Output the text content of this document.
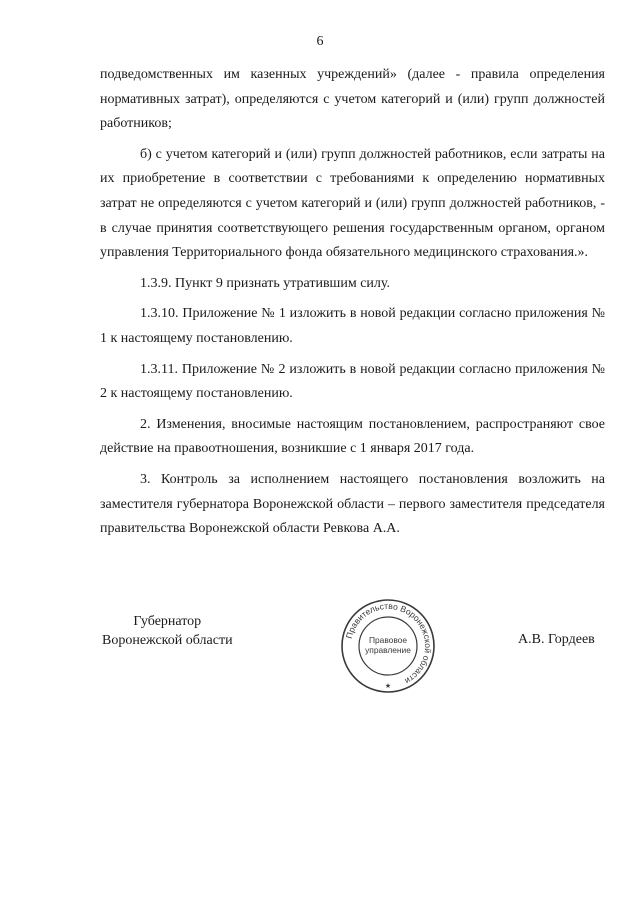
6

подведомственных им казенных учреждений» (далее - правила определения нормативных затрат), определяются с учетом категорий и (или) групп должностей работников;

б) с учетом категорий и (или) групп должностей работников, если затраты на их приобретение в соответствии с требованиями к определению нормативных затрат не определяются с учетом категорий и (или) групп должностей работников, - в случае принятия соответствующего решения государственным органом, органом управления Территориального фонда обязательного медицинского страхования.».

1.3.9. Пункт 9 признать утратившим силу.

1.3.10. Приложение № 1 изложить в новой редакции согласно приложения № 1 к настоящему постановлению.

1.3.11. Приложение № 2 изложить в новой редакции согласно приложения № 2 к настоящему постановлению.

2. Изменения, вносимые настоящим постановлением, распространяют свое действие на правоотношения, возникшие с 1 января 2017 года.

3. Контроль за исполнением настоящего постановления возложить на заместителя губернатора Воронежской области – первого заместителя председателя правительства Воронежской области Ревкова А.А.

Губернатор
Воронежской области	Правительство Воронежской области
Правовое
управление
★
А.В. Гордеев
